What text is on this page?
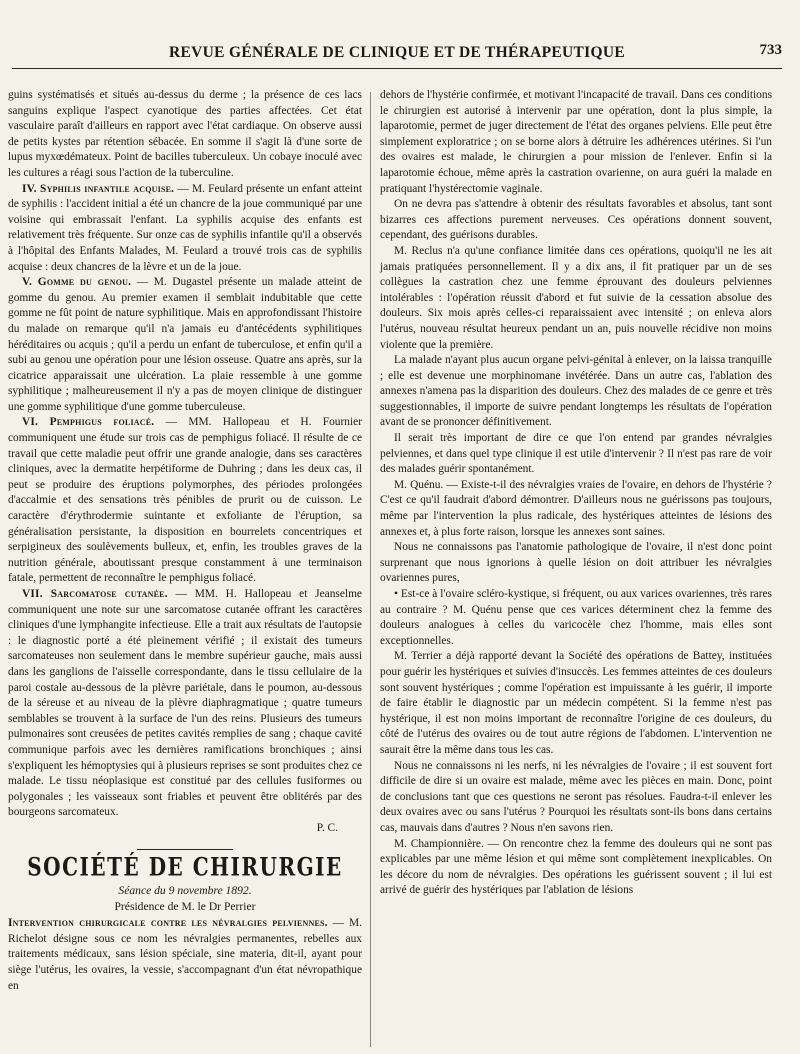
REVUE GÉNÉRALE DE CLINIQUE ET DE THÉRAPEUTIQUE	733

guins systématisés et situés au-dessus du derme ; la présence de ces lacs sanguins explique l'aspect cyanotique des parties affectées. Cet état vasculaire paraît d'ailleurs en rapport avec l'état cardiaque. On observe aussi de petits kystes par rétention sébacée. En somme il s'agit là d'une sorte de lupus myxœdémateux. Point de bacilles tuberculeux. Un cobaye inoculé avec les cultures a réagi sous l'action de la tuberculine.

IV. Syphilis infantile acquise. — M. Feulard présente un enfant atteint de syphilis : l'accident initial a été un chancre de la joue communiqué par une voisine qui embrassait l'enfant. La syphilis acquise des enfants est relativement très fréquente. Sur onze cas de syphilis infantile qu'il a observés à l'hôpital des Enfants Malades, M. Feulard a trouvé trois cas de syphilis acquise : deux chancres de la lèvre et un de la joue.

V. Gomme du genou. — M. Dugastel présente un malade atteint de gomme du genou. Au premier examen il semblait indubitable que cette gomme ne fût point de nature syphilitique. Mais en approfondissant l'histoire du malade on remarque qu'il n'a jamais eu d'antécédents syphilitiques héréditaires ou acquis ; qu'il a perdu un enfant de tuberculose, et enfin qu'il a subi au genou une opération pour une lésion osseuse. Quatre ans après, sur la cicatrice apparaissait une ulcération. La plaie ressemble à une gomme syphilitique ; malheureusement il n'y a pas de moyen clinique de distinguer une gomme syphilitique d'une gomme tuberculeuse.

VI. Pemphigus foliacé. — MM. Hallopeau et H. Fournier communiquent une étude sur trois cas de pemphigus foliacé. Il résulte de ce travail que cette maladie peut offrir une grande analogie, dans ses caractères cliniques, avec la dermatite herpétiforme de Duhring ; dans les deux cas, il peut se produire des éruptions polymorphes, des périodes prolongées d'accalmie et des sensations très pénibles de prurit ou de cuisson. Le caractère d'érythrodermie suintante et exfoliante de l'éruption, sa généralisation persistante, la disposition en bourrelets concentriques et serpigineux des soulèvements bulleux, et, enfin, les troubles graves de la nutrition générale, aboutissant presque constamment à une terminaison fatale, permettent de reconnaître le pemphigus foliacé.

VII. Sarcomatose cutanée. — MM. H. Hallopeau et Jeanselme communiquent une note sur une sarcomatose cutanée offrant les caractères cliniques d'une lymphangite infectieuse. Elle a trait aux résultats de l'autopsie : le diagnostic porté a été pleinement vérifié ; il existait des tumeurs sarcomateuses non seulement dans le membre supérieur gauche, mais aussi dans les ganglions de l'aisselle correspondante, dans le tissu cellulaire de la paroi costale au-dessous de la plèvre pariétale, dans le poumon, au-dessous de la séreuse et au niveau de la plèvre diaphragmatique ; quatre tumeurs semblables se trouvent à la surface de l'un des reins. Plusieurs des tumeurs pulmonaires sont creusées de petites cavités remplies de sang ; chaque cavité communique parfois avec les dernières ramifications bronchiques ; ainsi s'expliquent les hémoptysies qui à plusieurs reprises se sont produites chez ce malade. Le tissu néoplasique est constitué par des cellules fusiformes ou polygonales ; les vaisseaux sont friables et peuvent être oblitérés par des bourgeons sarcomateux.

P. C.

SOCIÉTÉ DE CHIRURGIE
Séance du 9 novembre 1892.
Présidence de M. le Dr Perrier

Intervention chirurgicale contre les névralgies pelviennes. — M. Richelot désigne sous ce nom les névralgies permanentes, rebelles aux traitements médicaux, sans lésion spéciale, sine materia, dit-il, ayant pour siège l'utérus, les ovaires, la vessie, s'accompagnant d'un état névropathique en

dehors de l'hystérie confirmée, et motivant l'incapacité de travail. Dans ces conditions le chirurgien est autorisé à intervenir par une opération, dont la plus simple, la laparotomie, permet de juger directement de l'état des organes pelviens. Elle peut être simplement exploratrice ; on se borne alors à détruire les adhérences utérines. Si l'un des ovaires est malade, le chirurgien a pour mission de l'enlever. Enfin si la laparotomie échoue, même après la castration ovarienne, on aura guéri la malade en pratiquant l'hystérectomie vaginale.

On ne devra pas s'attendre à obtenir des résultats favorables et absolus, tant sont bizarres ces affections purement nerveuses. Ces opérations donnent souvent, cependant, des guérisons durables.

M. Reclus n'a qu'une confiance limitée dans ces opérations, quoiqu'il ne les ait jamais pratiquées personnellement. Il y a dix ans, il fit pratiquer par un de ses collègues la castration chez une femme éprouvant des douleurs pelviennes intolérables : l'opération réussit d'abord et fut suivie de la cessation absolue des douleurs. Six mois après celles-ci reparaissaient avec intensité ; on enleva alors l'utérus, nouveau résultat heureux pendant un an, puis nouvelle récidive non moins violente que la première.

La malade n'ayant plus aucun organe pelvi-génital à enlever, on la laissa tranquille ; elle est devenue une morphinomane invétérée. Dans un autre cas, l'ablation des annexes n'amena pas la disparition des douleurs. Chez des malades de ce genre et très suggestionnables, il importe de suivre pendant longtemps les résultats de l'opération avant de se prononcer définitivement.

Il serait très important de dire ce que l'on entend par grandes névralgies pelviennes, et dans quel type clinique il est utile d'intervenir ? Il n'est pas rare de voir des malades guérir spontanément.

M. Quénu. — Existe-t-il des névralgies vraies de l'ovaire, en dehors de l'hystérie ? C'est ce qu'il faudrait d'abord démontrer. D'ailleurs nous ne guérissons pas toujours, même par l'intervention la plus radicale, des hystériques atteintes de lésions des annexes et, à plus forte raison, lorsque les annexes sont saines.

Nous ne connaissons pas l'anatomie pathologique de l'ovaire, il n'est donc point surprenant que nous ignorions à quelle lésion on doit attribuer les névralgies ovariennes pures,

• Est-ce à l'ovaire scléro-kystique, si fréquent, ou aux varices ovariennes, très rares au contraire ? M. Quénu pense que ces varices déterminent chez la femme des douleurs analogues à celles du varicocèle chez l'homme, mais elles sont exceptionnelles.

M. Terrier a déjà rapporté devant la Société des opérations de Battey, instituées pour guérir les hystériques et suivies d'insuccès. Les femmes atteintes de ces douleurs sont souvent hystériques ; comme l'opération est impuissante à les guérir, il importe de faire établir le diagnostic par un médecin compétent. Si la femme n'est pas hystérique, il est non moins important de reconnaître l'origine de ces douleurs, du côté de l'utérus des ovaires ou de tout autre régions de l'abdomen. L'intervention ne saurait être la même dans tous les cas.

Nous ne connaissons ni les nerfs, ni les névralgies de l'ovaire ; il est souvent fort difficile de dire si un ovaire est malade, même avec les pièces en main. Donc, point de conclusions tant que ces questions ne seront pas résolues. Faudra-t-il enlever les deux ovaires avec ou sans l'utérus ? Pourquoi les résultats sont-ils bons dans certains cas, mauvais dans d'autres ? Nous n'en savons rien.

M. Championnière. — On rencontre chez la femme des douleurs qui ne sont pas explicables par une même lésion et qui même sont complètement inexplicables. On les décore du nom de névralgies. Des opérations les guérissent souvent ; il lui est arrivé de guérir des hystériques par l'ablation de lésions
